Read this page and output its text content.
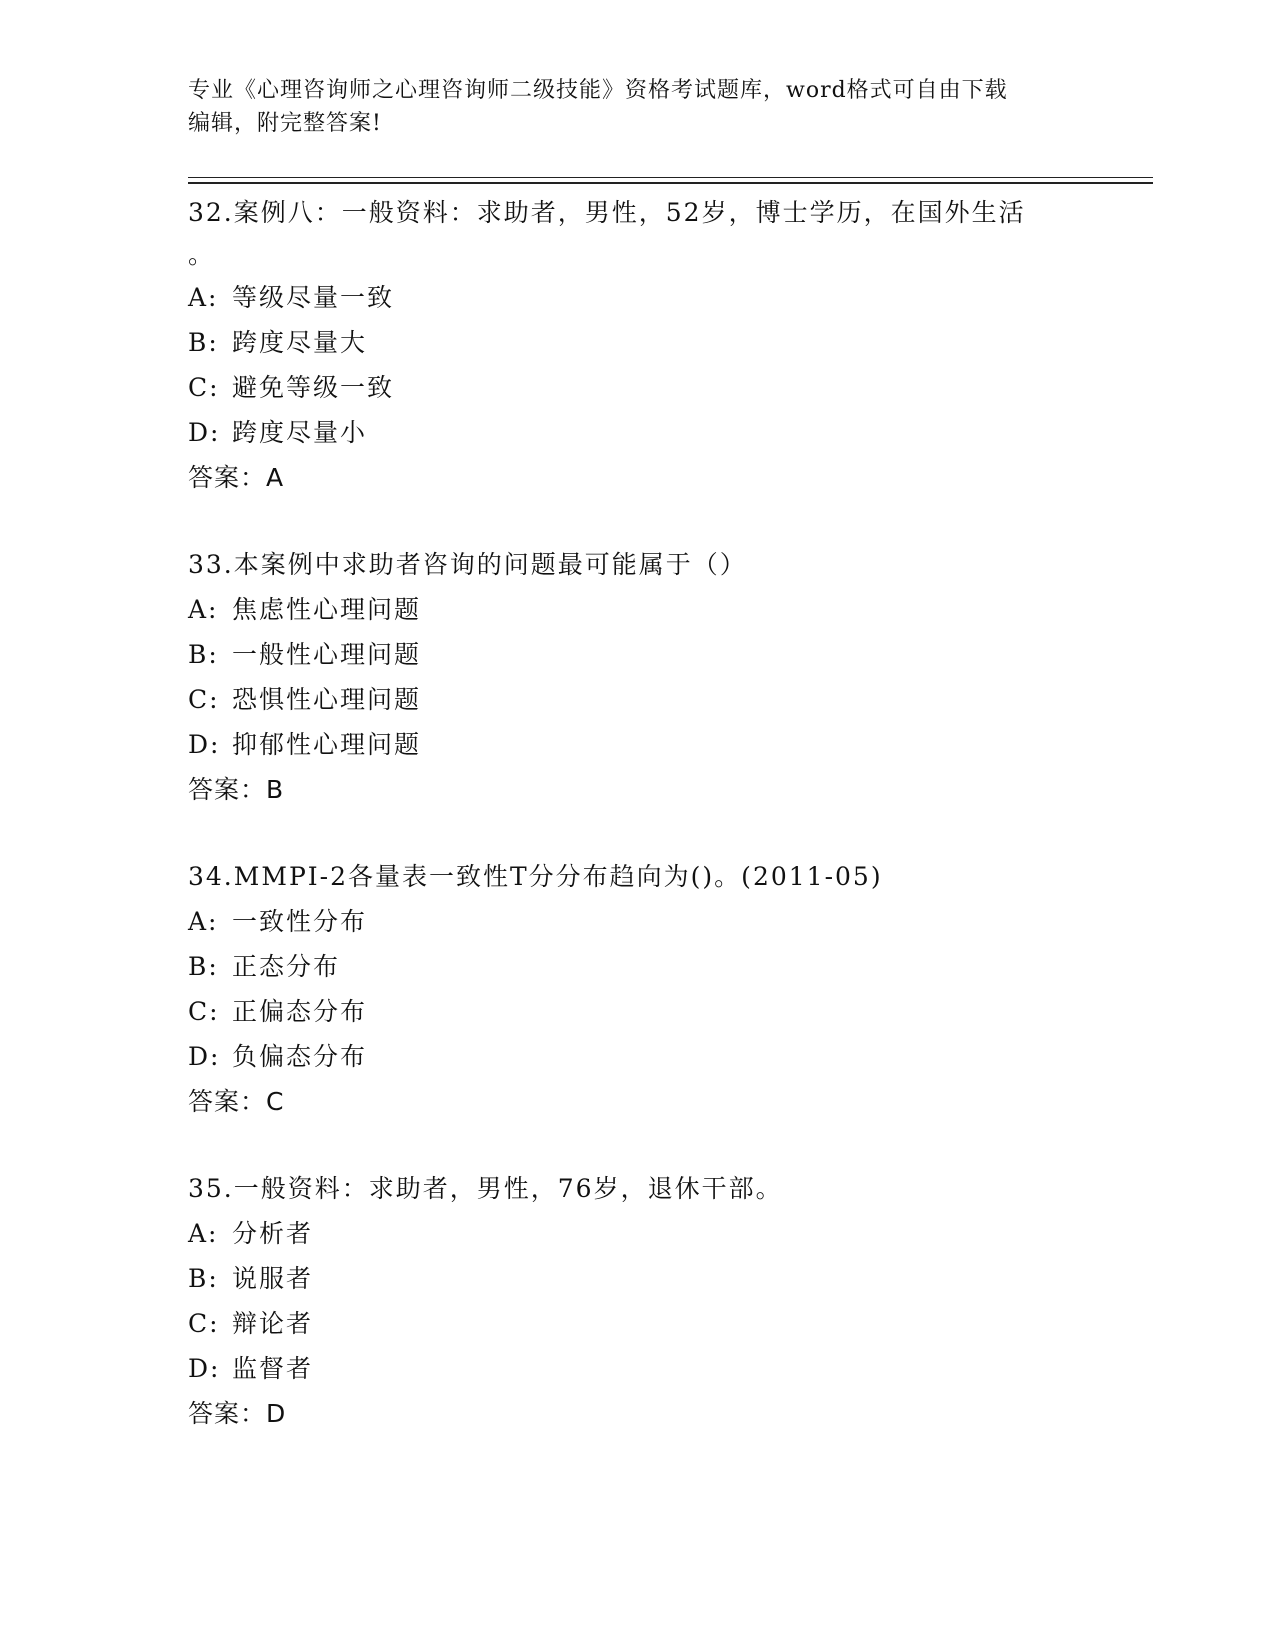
专业《心理咨询师之心理咨询师二级技能》资格考试题库，word格式可自由下载
编辑，附完整答案!
32.案例八：一般资料：求助者，男性，52岁，博士学历，在国外生活
。
A: 等级尽量一致
B: 跨度尽量大
C: 避免等级一致
D: 跨度尽量小
答案：A
33.本案例中求助者咨询的问题最可能属于（）
A: 焦虑性心理问题
B: 一般性心理问题
C: 恐惧性心理问题
D: 抑郁性心理问题
答案：B
34.MMPI-2各量表一致性T分分布趋向为()。(2011-05)
A: 一致性分布
B: 正态分布
C: 正偏态分布
D: 负偏态分布
答案：C
35.一般资料：求助者，男性，76岁，退休干部。
A: 分析者
B: 说服者
C: 辩论者
D: 监督者
答案：D
